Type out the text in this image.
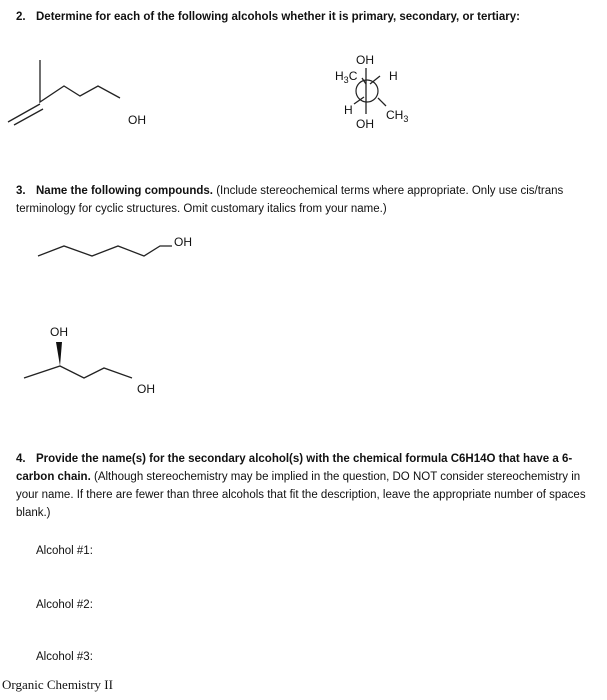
2. Determine for each of the following alcohols whether it is primary, secondary, or tertiary:
OH
OH
$H_3C$	H
H	$CH_3$
OH
3. Name the following compounds. (Include stereochemical terms where appropriate. Only use cis/trans terminology for cyclic structures. Omit customary italics from your name.)
OH
OH
OH
4. Provide the name(s) for the secondary alcohol(s) with the chemical formula C6H14O that have a 6-carbon chain. (Although stereochemistry may be implied in the question, DO NOT consider stereochemistry in your name. If there are fewer than three alcohols that fit the description, leave the appropriate number of spaces blank.)
Alcohol #1:
Alcohol #2:
Alcohol #3:
Organic Chemistry II
